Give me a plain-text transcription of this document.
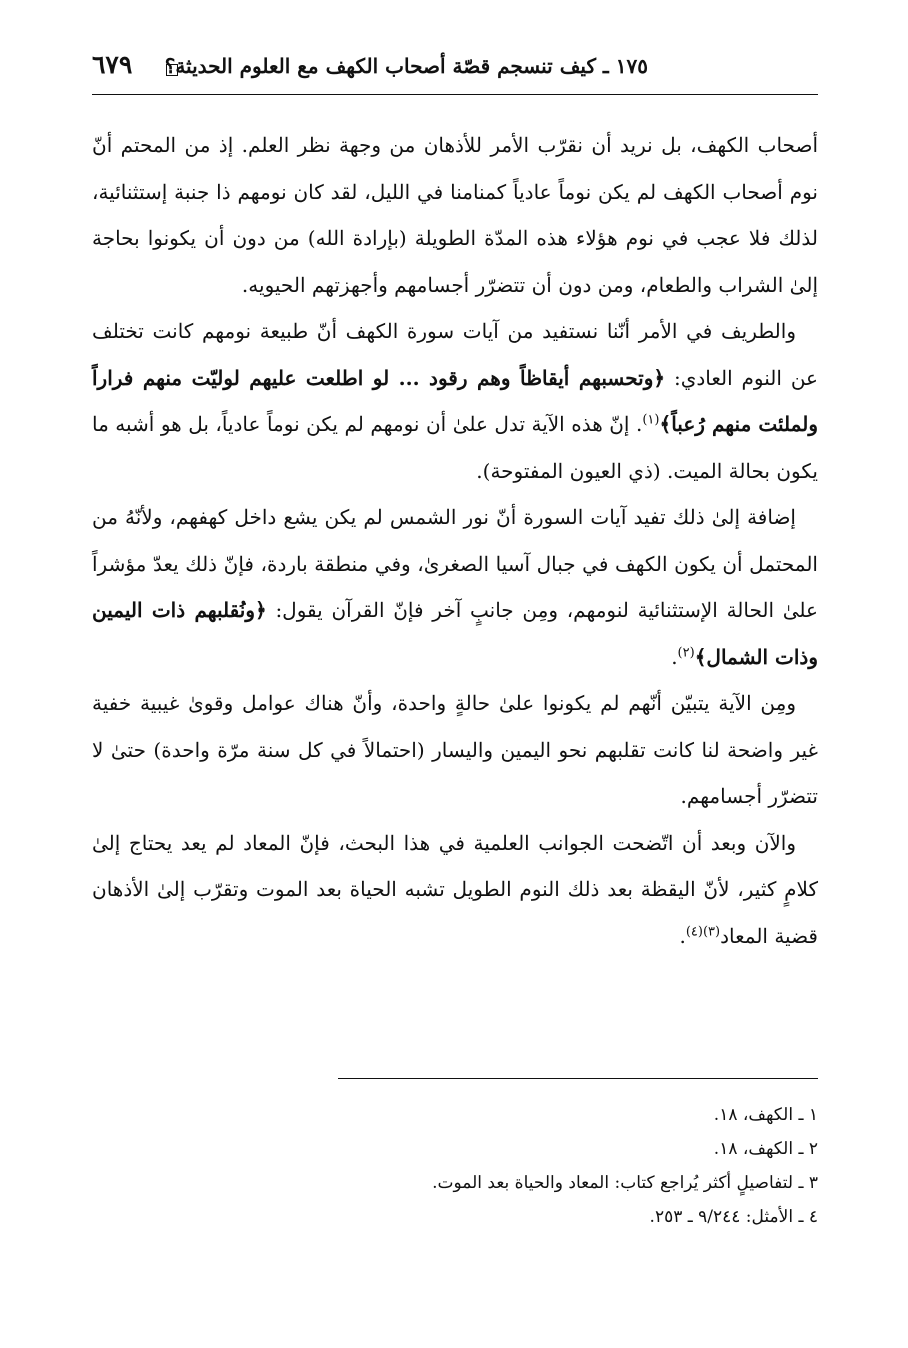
١٧٥ ـ كيف تنسجم قصّة أصحاب الكهف مع العلوم الحديثة؟
٦٧٩

أصحاب الكهف، بل نريد أن نقرّب الأمر للأذهان من وجهة نظر العلم. إذ من المحتم أنّ نوم أصحاب الكهف لم يكن نوماً عادياً كمنامنا في الليل، لقد كان نومهم ذا جنبة إستثنائية، لذلك فلا عجب في نوم هؤلاء هذه المدّة الطويلة (بإرادة الله) من دون أن يكونوا بحاجة إلىٰ الشراب والطعام، ومن دون أن تتضرّر أجسامهم وأجهزتهم الحيويه.

والطريف في الأمر أنّنا نستفيد من آيات سورة الكهف أنّ طبيعة نومهم كانت تختلف عن النوم العادي: ﴿وتحسبهم أيقاظاً وهم رقود ... لو اطلعت عليهم لوليّت منهم فراراً ولملئت منهم رُعباً﴾$^{(١)}$. إنّ هذه الآية تدل علىٰ أن نومهم لم يكن نوماً عادياً، بل هو أشبه ما يكون بحالة الميت. (ذي العيون المفتوحة).

إضافة إلىٰ ذلك تفيد آيات السورة أنّ نور الشمس لم يكن يشع داخل كهفهم، ولأنّهُ من المحتمل أن يكون الكهف في جبال آسيا الصغرىٰ، وفي منطقة باردة، فإنّ ذلك يعدّ مؤشراً علىٰ الحالة الإستثنائية لنومهم، ومِن جانبٍ آخر فإنّ القرآن يقول: ﴿ونُقلبهم ذات اليمين وذات الشمال﴾$^{(٢)}$.

ومِن الآية يتبيّن أنّهم لم يكونوا علىٰ حالةٍ واحدة، وأنّ هناك عوامل وقوىٰ غيبية خفية غير واضحة لنا كانت تقلبهم نحو اليمين واليسار (احتمالاً في كل سنة مرّة واحدة) حتىٰ لا تتضرّر أجسامهم.

والآن وبعد أن اتّضحت الجوانب العلمية في هذا البحث، فإنّ المعاد لم يعد يحتاج إلىٰ كلامٍ كثير، لأنّ اليقظة بعد ذلك النوم الطويل تشبه الحياة بعد الموت وتقرّب إلىٰ الأذهان قضية المعاد$^{(٣)(٤)}$.

١ ـ الكهف، ١٨.
٢ ـ الكهف، ١٨.
٣ ـ لتفاصيلٍ أكثر يُراجع كتاب: المعاد والحياة بعد الموت.
٤ ـ الأمثل: ٩/٢٤٤ ـ ٢٥٣.
